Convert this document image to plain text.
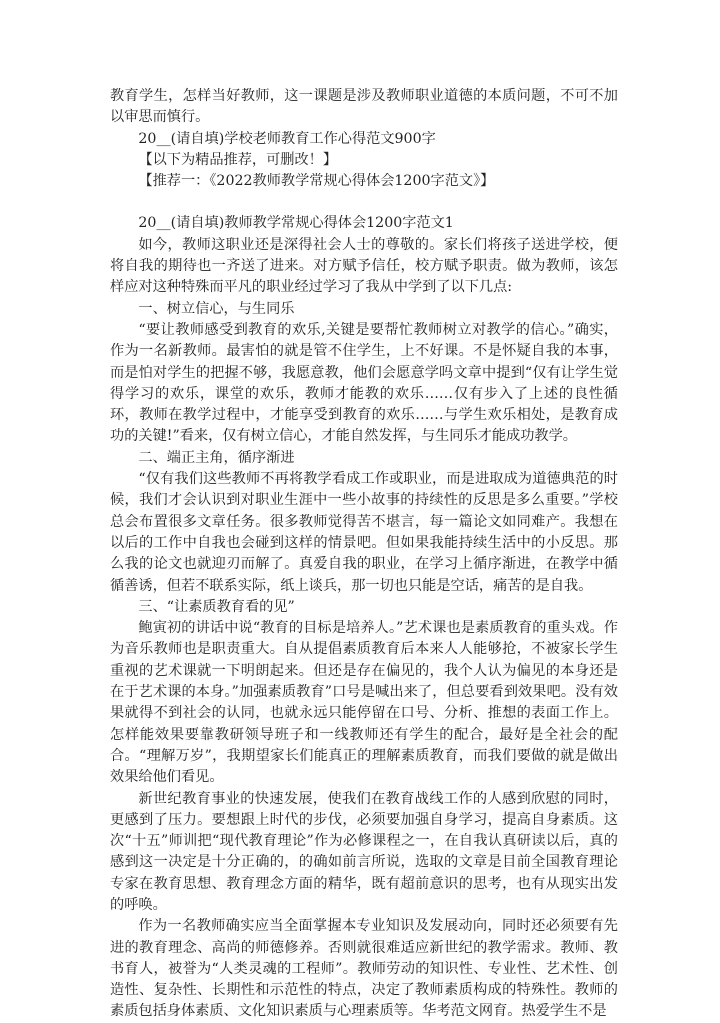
教育学生，怎样当好教师，这一课题是涉及教师职业道德的本质问题，不可不加以审思而慎行。

20__(请自填)学校老师教育工作心得范文900字

【以下为精品推荐，可删改！】

【推荐一：《2022教师教学常规心得体会1200字范文》】

20__(请自填)教师教学常规心得体会1200字范文1

如今，教师这职业还是深得社会人士的尊敬的。家长们将孩子送进学校，便将自我的期待也一齐送了进来。对方赋予信任，校方赋予职责。做为教师，该怎样应对这种特殊而平凡的职业经过学习了我从中学到了以下几点:

一、树立信心，与生同乐

“要让教师感受到教育的欢乐,关键是要帮忙教师树立对教学的信心。”确实，作为一名新教师。最害怕的就是管不住学生，上不好课。不是怀疑自我的本事，而是怕对学生的把握不够，我愿意教，他们会愿意学吗文章中提到“仅有让学生觉得学习的欢乐，课堂的欢乐，教师才能教的欢乐……仅有步入了上述的良性循环，教师在教学过程中，才能享受到教育的欢乐……与学生欢乐相处，是教育成功的关键!”看来，仅有树立信心，才能自然发挥，与生同乐才能成功教学。

二、端正主角，循序渐进

“仅有我们这些教师不再将教学看成工作或职业，而是进取成为道德典范的时候，我们才会认识到对职业生涯中一些小故事的持续性的反思是多么重要。”学校总会布置很多文章任务。很多教师觉得苦不堪言，每一篇论文如同难产。我想在以后的工作中自我也会碰到这样的情景吧。但如果我能持续生活中的小反思。那么我的论文也就迎刃而解了。真爱自我的职业，在学习上循序渐进，在教学中循循善诱，但若不联系实际，纸上谈兵，那一切也只能是空话，痛苦的是自我。

三、“让素质教育看的见”

鲍寅初的讲话中说“教育的目标是培养人。”艺术课也是素质教育的重头戏。作为音乐教师也是职责重大。自从提倡素质教育后本来人人能够抢，不被家长学生重视的艺术课就一下明朗起来。但还是存在偏见的，我个人认为偏见的本身还是在于艺术课的本身。”加强素质教育”口号是喊出来了，但总要看到效果吧。没有效果就得不到社会的认同，也就永远只能停留在口号、分析、推想的表面工作上。怎样能效果要靠教研领导班子和一线教师还有学生的配合，最好是全社会的配合。“理解万岁”，我期望家长们能真正的理解素质教育，而我们要做的就是做出效果给他们看见。

新世纪教育事业的快速发展，使我们在教育战线工作的人感到欣慰的同时，更感到了压力。要想跟上时代的步伐，必须要加强自身学习，提高自身素质。这次“十五”师训把“现代教育理论”作为必修课程之一，在自我认真研读以后，真的感到这一决定是十分正确的，的确如前言所说，选取的文章是目前全国教育理论专家在教育思想、教育理念方面的精华，既有超前意识的思考，也有从现实出发的呼唤。

作为一名教师确实应当全面掌握本专业知识及发展动向，同时还必须要有先进的教育理念、高尚的师德修养。否则就很难适应新世纪的教学需求。教师、教书育人，被誉为“人类灵魂的工程师”。教师劳动的知识性、专业性、艺术性、创造性、复杂性、长期性和示范性的特点，决定了教师素质构成的特殊性。教师的素质包括身体素质、文化知识素质与心理素质等。华考范文网育。热爱学生不是
